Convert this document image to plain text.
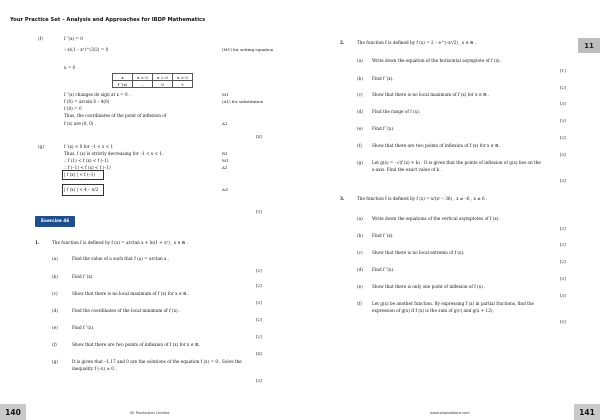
Your Practice Set – Analysis and Approaches for IBDP Mathematics
11
(f)	f ″(x) = 0
– x/(1 – x²)^(3/2) = 0
x = 0
(M1) for setting equation
x	x < 0	x = 0	x > 0
f ″(x)	–	0	+
f ″(x) changes its sign at x = 0 .
f (0) = arcsin 0 – 4(0)
f (0) = 0
Thus, the coordinates of the point of inflexion of
f (x) are (0, 0) .
M1
(A1) for substitution
A1
[4]
(g)	f ′(x) < 0 for –1 < x < 1
Thus, f (x) is strictly decreasing for –1 < x < 1.
∴ f (1) < f (x) < f (–1)
∴ f (–1) < f (x) < f (–1)
| f (x) | < f (–1)
| f (x) | < 4 – π/2
R1
M1
A1
AG
[3]
Exercise 46
1.	The function f is defined by f (x) = arctan x + ln(1 + x²) , x ∈ ℝ .
(a)	Find the value of a such that f (a) = arctan a .
[2]
(b)	Find f ′(x).
[2]
(c)	Show that there is no local maximum of f (x) for x ∈ ℝ .
[3]
(d)	Find the coordinates of the local minimum of f (x) .
[2]
(e)	Find f ″(x).
[2]
(f)	Show that there are two points of inflexion of f (x) for x ∈ ℝ.
[4]
(g)	It is given that –1.17 and 0 are the solutions of the equation f (x) = 0 . Solve the
inequality f (–x) ≥ 0 .
[3]
2.	The function f is defined by f (x) = 2 – e^(–x²/2) , x ∈ ℝ .
(a) Write down the equation of the horizontal asymptote of f (x).
[1]
(b) Find f ′(x).
[2]
(c) Show that there is no local maximum of f (x) for x ∈ ℝ .
[3]
(d) Find the range of f (x).
[3]
(e) Find f ″(x).
[2]
(f) Show that there are two points of inflexion of f (x) for x ∈ ℝ.
[3]
(g) Let g(x) = –√(f (x) + k) . It is given that the points of inflexion of g(x) lies on the
x-axis. Find the exact value of k .
[3]
3.	The function f is defined by f (x) = x/(x² – 36) , x ≠ –6 , x ≠ 6 .
(a) Write down the equations of the vertical asymptotes of f (x).
[2]
(b) Find f ′(x).
[2]
(c) Show that there is no local extrema of f (x).
[2]
(d) Find f ″(x).
[3]
(e) Show that there is only one point of inflexion of f (x) .
[3]
(f) Let g(x) be another function. By expressing f (x) in partial fractions, find the
expression of g(x) if f (x) is the sum of g(c) and g(x + 12).
[5]
140	141
SE Production Limited	www.seprodstore.com
